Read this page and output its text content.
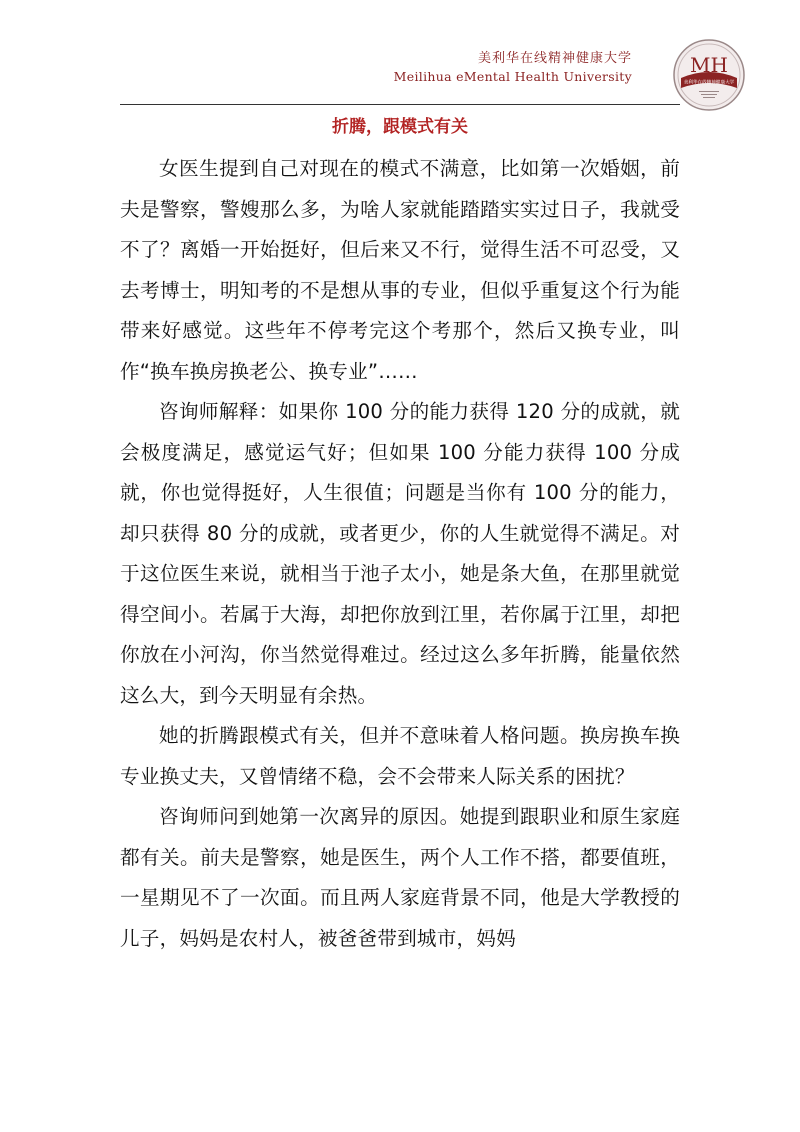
美利华在线精神健康大学
Meilihua eMental Health University	MH
美利华在线精神健康大学
折腾，跟模式有关

女医生提到自己对现在的模式不满意，比如第一次婚姻，前夫是警察，警嫂那么多，为啥人家就能踏踏实实过日子，我就受不了？离婚一开始挺好，但后来又不行，觉得生活不可忍受，又去考博士，明知考的不是想从事的专业，但似乎重复这个行为能带来好感觉。这些年不停考完这个考那个，然后又换专业，叫作“换车换房换老公、换专业”……

咨询师解释：如果你 100 分的能力获得 120 分的成就，就会极度满足，感觉运气好；但如果 100 分能力获得 100 分成就，你也觉得挺好，人生很值；问题是当你有 100 分的能力，却只获得 80 分的成就，或者更少，你的人生就觉得不满足。对于这位医生来说，就相当于池子太小，她是条大鱼，在那里就觉得空间小。若属于大海，却把你放到江里，若你属于江里，却把你放在小河沟，你当然觉得难过。经过这么多年折腾，能量依然这么大，到今天明显有余热。

她的折腾跟模式有关，但并不意味着人格问题。换房换车换专业换丈夫，又曾情绪不稳，会不会带来人际关系的困扰？

咨询师问到她第一次离异的原因。她提到跟职业和原生家庭都有关。前夫是警察，她是医生，两个人工作不搭，都要值班，一星期见不了一次面。而且两人家庭背景不同，他是大学教授的儿子，妈妈是农村人，被爸爸带到城市，妈妈
